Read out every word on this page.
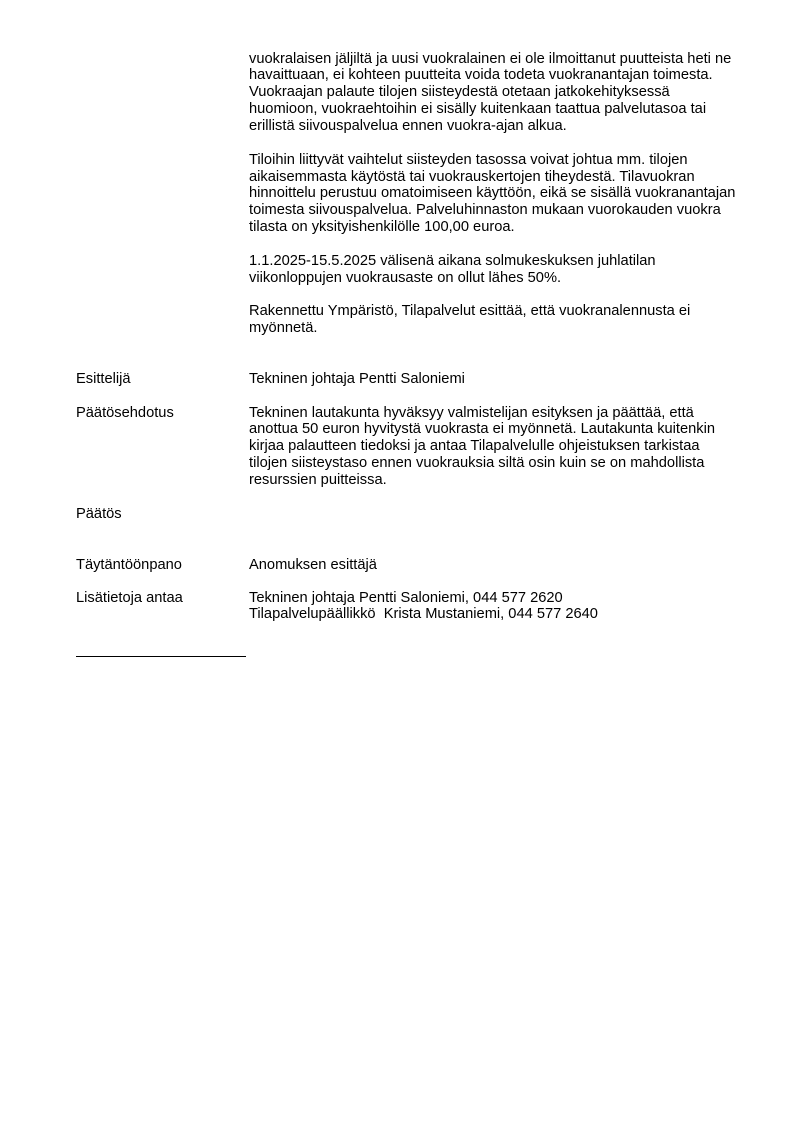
vuokralaisen jäljiltä ja uusi vuokralainen ei ole ilmoittanut puutteista heti ne
havaittuaan, ei kohteen puutteita voida todeta vuokranantajan toimesta.
Vuokraajan palaute tilojen siisteydestä otetaan jatkokehityksessä
huomioon, vuokraehtoihin ei sisälly kuitenkaan taattua palvelutasoa tai
erillistä siivouspalvelua ennen vuokra-ajan alkua.
Tiloihin liittyvät vaihtelut siisteyden tasossa voivat johtua mm. tilojen
aikaisemmasta käytöstä tai vuokrauskertojen tiheydestä. Tilavuokran
hinnoittelu perustuu omatoimiseen käyttöön, eikä se sisällä vuokranantajan
toimesta siivouspalvelua. Palveluhinnaston mukaan vuorokauden vuokra
tilasta on yksityishenkilölle 100,00 euroa.
1.1.2025-15.5.2025 välisenä aikana solmukeskuksen juhlatilan
viikonloppujen vuokrausaste on ollut lähes 50%.
Rakennettu Ympäristö, Tilapalvelut esittää, että vuokranalennusta ei
myönnetä.
Esittelijä	Tekninen johtaja Pentti Saloniemi
Päätösehdotus	Tekninen lautakunta hyväksyy valmistelijan esityksen ja päättää, että
anottua 50 euron hyvitystä vuokrasta ei myönnetä. Lautakunta kuitenkin
kirjaa palautteen tiedoksi ja antaa Tilapalvelulle ohjeistuksen tarkistaa
tilojen siisteystaso ennen vuokrauksia siltä osin kuin se on mahdollista
resurssien puitteissa.
Päätös
Täytäntöönpano	Anomuksen esittäjä
Lisätietoja antaa	Tekninen johtaja Pentti Saloniemi, 044 577 2620
Tilapalvelupäällikkö  Krista Mustaniemi, 044 577 2640
